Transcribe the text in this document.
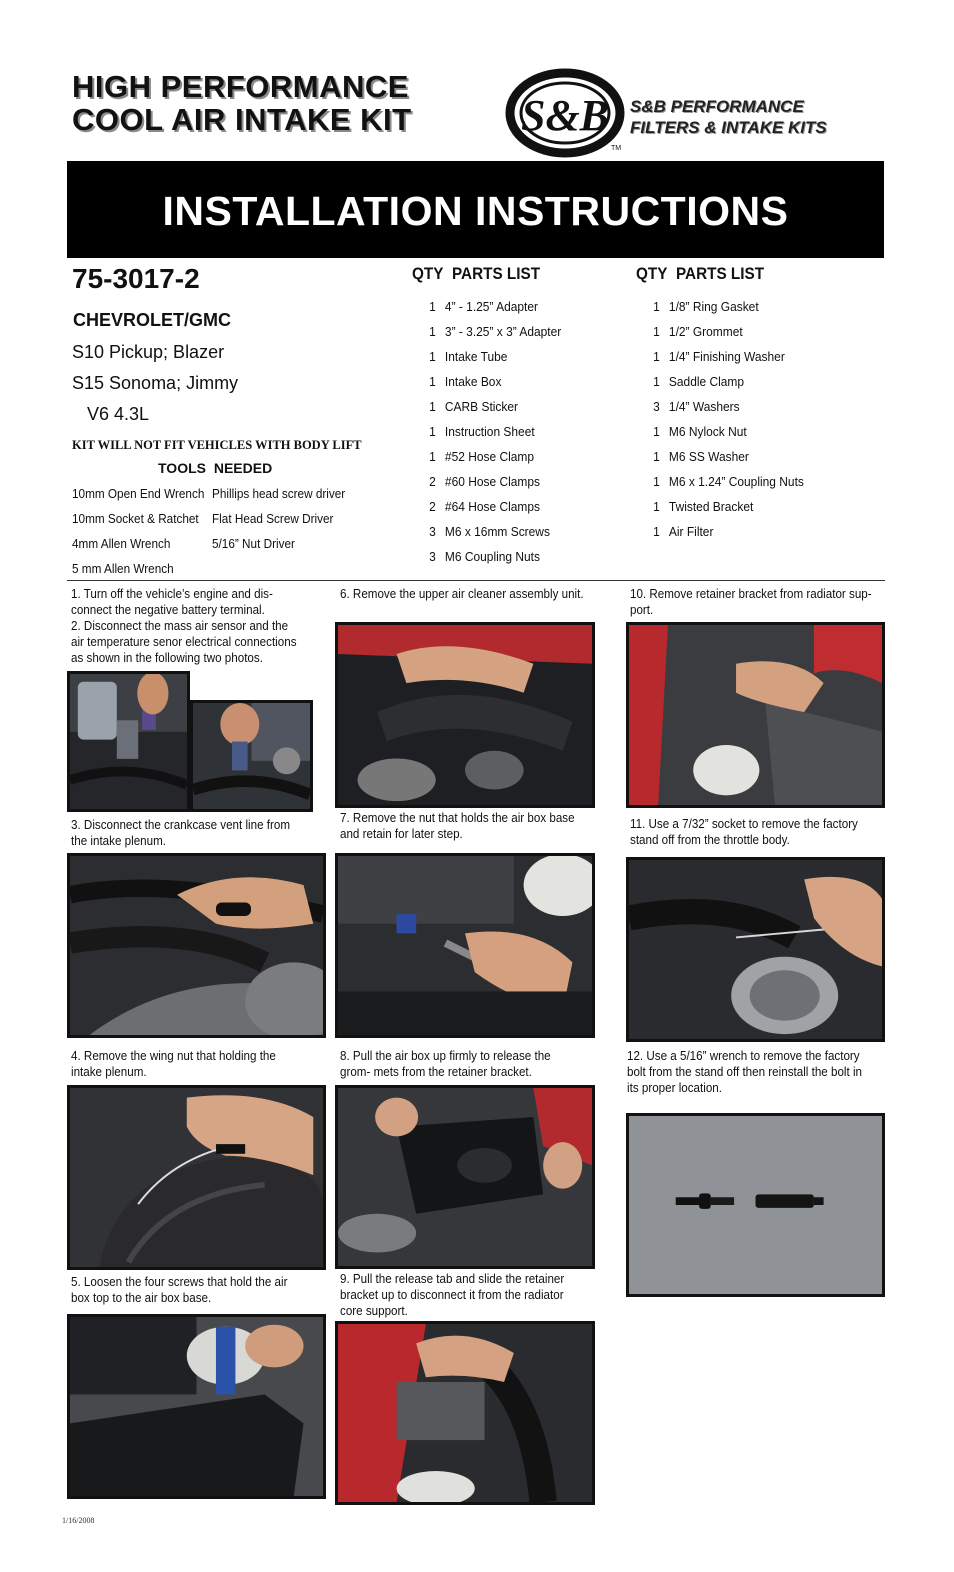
HIGH PERFORMANCE
COOL AIR INTAKE KIT S&B
TM
S&B PERFORMANCE
FILTERS & INTAKE KITS
INSTALLATION INSTRUCTIONS
75-3017-2
CHEVROLET/GMC
S10 Pickup; Blazer
S15 Sonoma; Jimmy
V6 4.3L
KIT WILL NOT FIT VEHICLES WITH BODY LIFT
TOOLS NEEDED
10mm Open End Wrench
10mm Socket & Ratchet
4mm Allen Wrench
5 mm Allen Wrench
Phillips head screw driver
Flat Head Screw Driver
5/16” Nut Driver
QTY PARTS LIST
1 4” - 1.25” Adapter
1 3” - 3.25” x 3” Adapter
1 Intake Tube
1 Intake Box
1 CARB Sticker
1 Instruction Sheet
1 #52 Hose Clamp
2 #60 Hose Clamps
2 #64 Hose Clamps
3 M6 x 16mm Screws
3 M6 Coupling Nuts
QTY PARTS LIST
1 1/8” Ring Gasket
1 1/2” Grommet
1 1/4” Finishing Washer
1 Saddle Clamp
3 1/4” Washers
1 M6 Nylock Nut
1 M6 SS Washer
1 M6 x 1.24” Coupling Nuts
1 Twisted Bracket
1 Air Filter
1. Turn off the vehicle’s engine and dis- connect the negative battery terminal.
2. Disconnect the mass air sensor and the air temperature senor electrical connections as shown in the following two photos.
3. Disconnect the crankcase vent line from the intake plenum.
4. Remove the wing nut that holding the intake plenum.
5. Loosen the four screws that hold the air box top to the air box base.
6. Remove the upper air cleaner assembly unit.
7. Remove the nut that holds the air box base and retain for later step.
8. Pull the air box up firmly to release the grom- mets from the retainer bracket.
9. Pull the release tab and slide the retainer bracket up to disconnect it from the radiator core support.
10. Remove retainer bracket from radiator sup- port.
11. Use a 7/32” socket to remove the factory stand off from the throttle body.
12. Use a 5/16” wrench to remove the factory bolt from the stand off then reinstall the bolt in its proper location.
1/16/2008
